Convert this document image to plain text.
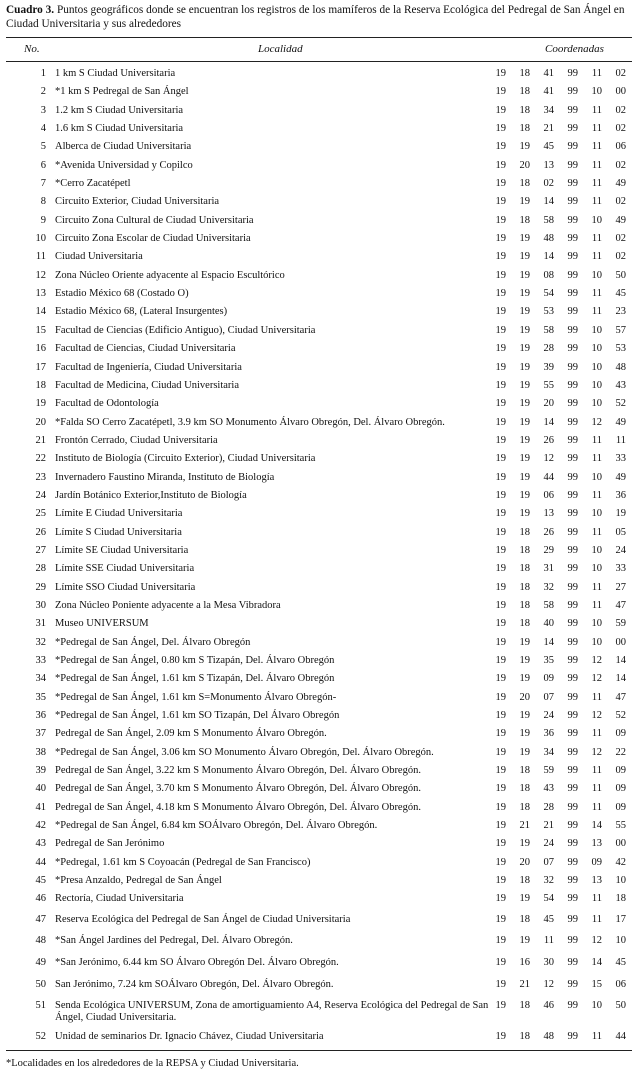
Cuadro 3. Puntos geográficos donde se encuentran los registros de los mamíferos de la Reserva Ecológica del Pedregal de San Ángel en Ciudad Universitaria y sus alrededores
No.	Localidad	Coordenadas
1 1 km S Ciudad Universitaria	19	18	41	99	11	02
2 *1 km S Pedregal de San Ángel	19	18	41	99	10	00
3 1.2 km S Ciudad Universitaria	19	18	34	99	11	02
4 1.6 km S Ciudad Universitaria	19	18	21	99	11	02
5 Alberca de Ciudad Universitaria	19	19	45	99	11	06
6 *Avenida Universidad y Copilco	19	20	13	99	11	02
7 *Cerro Zacatépetl	19	18	02	99	11	49
8 Circuito Exterior, Ciudad Universitaria	19	19	14	99	11	02
9 Circuito Zona Cultural de Ciudad Universitaria	19	18	58	99	10	49
10 Circuito Zona Escolar de Ciudad Universitaria	19	19	48	99	11	02
11 Ciudad Universitaria	19	19	14	99	11	02
12 Zona Núcleo Oriente adyacente al Espacio Escultórico	19	19	08	99	10	50
13 Estadio México 68 (Costado O)	19	19	54	99	11	45
14 Estadio México 68, (Lateral Insurgentes)	19	19	53	99	11	23
15 Facultad de Ciencias (Edificio Antiguo), Ciudad Universitaria	19	19	58	99	10	57
16 Facultad de Ciencias, Ciudad Universitaria	19	19	28	99	10	53
17 Facultad de Ingeniería, Ciudad Universitaria	19	19	39	99	10	48
18 Facultad de Medicina, Ciudad Universitaria	19	19	55	99	10	43
19 Facultad de Odontología	19	19	20	99	10	52
20 *Falda SO Cerro Zacatépetl, 3.9 km SO Monumento Álvaro Obregón, Del. Álvaro Obregón.	19	19	14	99	12	49
21 Frontón Cerrado, Ciudad Universitaria	19	19	26	99	11	11
22 Instituto de Biología (Circuito Exterior), Ciudad Universitaria	19	19	12	99	11	33
23 Invernadero Faustino Miranda, Instituto de Biología	19	19	44	99	10	49
24 Jardín Botánico Exterior,Instituto de Biología	19	19	06	99	11	36
25 Límite E Ciudad Universitaria	19	19	13	99	10	19
26 Límite S Ciudad Universitaria	19	18	26	99	11	05
27 Límite SE Ciudad Universitaria	19	18	29	99	10	24
28 Límite SSE Ciudad Universitaria	19	18	31	99	10	33
29 Límite SSO Ciudad Universitaria	19	18	32	99	11	27
30 Zona Núcleo Poniente adyacente a la Mesa Vibradora	19	18	58	99	11	47
31 Museo UNIVERSUM	19	18	40	99	10	59
32 *Pedregal de San Ángel, Del. Álvaro Obregón	19	19	14	99	10	00
33 *Pedregal de San Ángel, 0.80 km S Tizapán, Del. Álvaro Obregón	19	19	35	99	12	14
34 *Pedregal de San Ángel, 1.61 km S Tizapán, Del. Álvaro Obregón	19	19	09	99	12	14
35 *Pedregal de San Ángel, 1.61 km S=Monumento Álvaro Obregón-	19	20	07	99	11	47
36 *Pedregal de San Ángel, 1.61 km SO Tizapán, Del Álvaro Obregón	19	19	24	99	12	52
37 Pedregal de San Ángel, 2.09 km S Monumento Álvaro Obregón.	19	19	36	99	11	09
38 *Pedregal de San Ángel, 3.06 km SO Monumento Álvaro Obregón, Del. Álvaro Obregón.	19	19	34	99	12	22
39 Pedregal de San Ángel, 3.22 km S Monumento Álvaro Obregón, Del. Álvaro Obregón.	19	18	59	99	11	09
40 Pedregal de San Ángel, 3.70 km S Monumento Álvaro Obregón, Del. Álvaro Obregón.	19	18	43	99	11	09
41 Pedregal de San Ángel, 4.18 km S Monumento Álvaro Obregón, Del. Álvaro Obregón.	19	18	28	99	11	09
42 *Pedregal de San Ángel, 6.84 km SOÁlvaro Obregón, Del. Álvaro Obregón.	19	21	21	99	14	55
43 Pedregal de San Jerónimo	19	19	24	99	13	00
44 *Pedregal, 1.61 km S Coyoacán (Pedregal de San Francisco)	19	20	07	99	09	42
45 *Presa Anzaldo, Pedregal de San Ángel	19	18	32	99	13	10
46 Rectoría, Ciudad Universitaria	19	19	54	99	11	18
47 Reserva Ecológica del Pedregal de San Ángel de Ciudad Universitaria	19	18	45	99	11	17
48 *San Ángel Jardines del Pedregal, Del. Álvaro Obregón.	19	19	11	99	12	10
49 *San Jerónimo, 6.44 km SO Álvaro Obregón Del. Álvaro Obregón.	19	16	30	99	14	45
50 San Jerónimo, 7.24 km SOÁlvaro Obregón, Del. Álvaro Obregón.	19	21	12	99	15	06
51 Senda Ecológica UNIVERSUM, Zona de amortiguamiento A4, Reserva Ecológica del Pedregal de San Ángel, Ciudad Universitaria.
19	18	46	99	10	50
52 Unidad de seminarios Dr. Ignacio Chávez, Ciudad Universitaria	19	18	48	99	11	44
*Localidades en los alrededores de la REPSA y Ciudad Universitaria.
